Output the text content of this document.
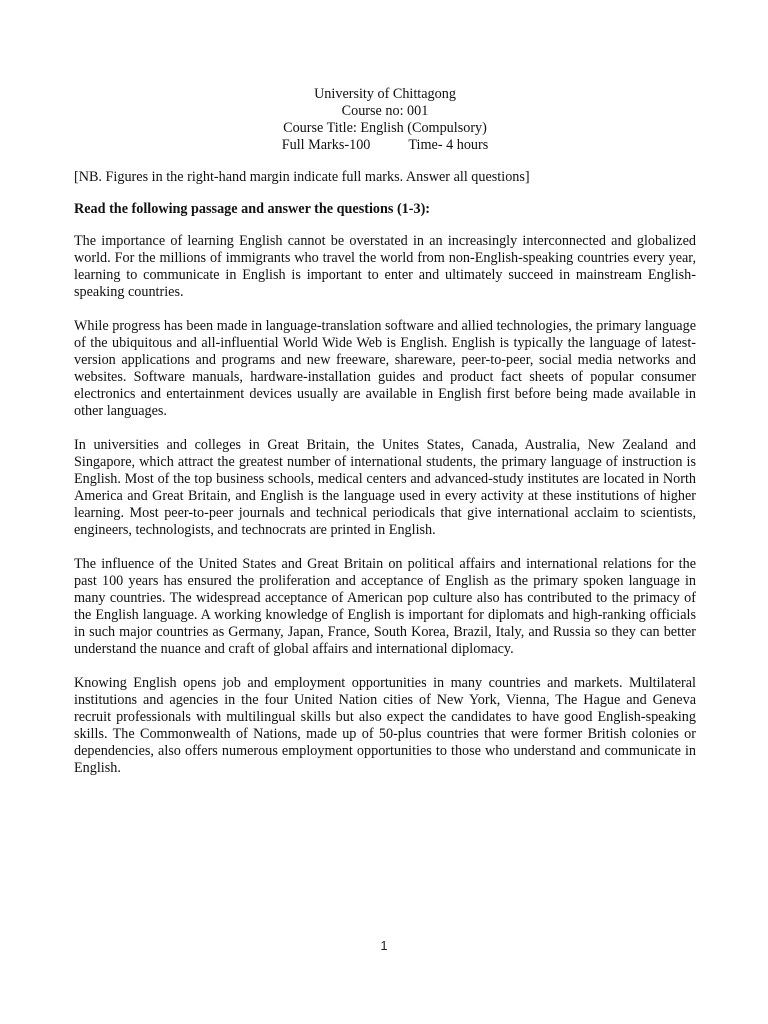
University of Chittagong
Course no: 001
Course Title: English (Compulsory)
Full Marks-100	Time- 4 hours

[NB. Figures in the right-hand margin indicate full marks. Answer all questions]

Read the following passage and answer the questions (1-3):

The importance of learning English cannot be overstated in an increasingly interconnected and globalized world. For the millions of immigrants who travel the world from non-English-speaking countries every year, learning to communicate in English is important to enter and ultimately succeed in mainstream English-speaking countries.

While progress has been made in language-translation software and allied technologies, the primary language of the ubiquitous and all-influential World Wide Web is English. English is typically the language of latest-version applications and programs and new freeware, shareware, peer-to-peer, social media networks and websites. Software manuals, hardware-installation guides and product fact sheets of popular consumer electronics and entertainment devices usually are available in English first before being made available in other languages.

In universities and colleges in Great Britain, the Unites States, Canada, Australia, New Zealand and Singapore, which attract the greatest number of international students, the primary language of instruction is English. Most of the top business schools, medical centers and advanced-study institutes are located in North America and Great Britain, and English is the language used in every activity at these institutions of higher learning. Most peer-to-peer journals and technical periodicals that give international acclaim to scientists, engineers, technologists, and technocrats are printed in English.

The influence of the United States and Great Britain on political affairs and international relations for the past 100 years has ensured the proliferation and acceptance of English as the primary spoken language in many countries. The widespread acceptance of American pop culture also has contributed to the primacy of the English language. A working knowledge of English is important for diplomats and high-ranking officials in such major countries as Germany, Japan, France, South Korea, Brazil, Italy, and Russia so they can better understand the nuance and craft of global affairs and international diplomacy.

Knowing English opens job and employment opportunities in many countries and markets. Multilateral institutions and agencies in the four United Nation cities of New York, Vienna, The Hague and Geneva recruit professionals with multilingual skills but also expect the candidates to have good English-speaking skills. The Commonwealth of Nations, made up of 50-plus countries that were former British colonies or dependencies, also offers numerous employment opportunities to those who understand and communicate in English.

1
